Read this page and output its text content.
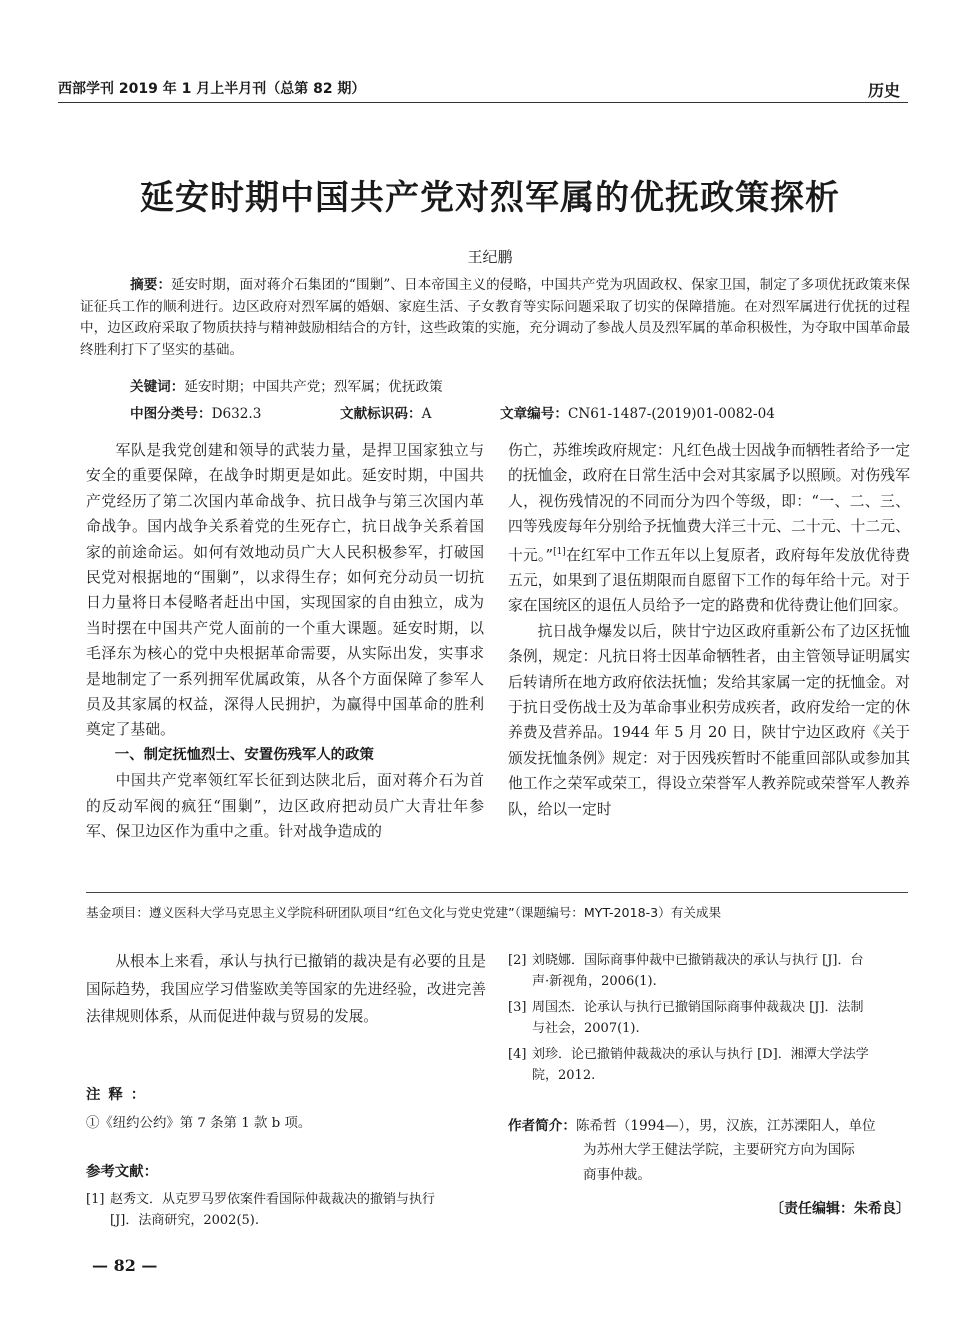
西部学刊 2019 年 1 月上半月刊（总第 82 期）	历史
延安时期中国共产党对烈军属的优抚政策探析
王纪鹏
摘要：延安时期，面对蒋介石集团的“围剿”、日本帝国主义的侵略，中国共产党为巩固政权、保家卫国，制定了多项优抚政策来保证征兵工作的顺利进行。边区政府对烈军属的婚姻、家庭生活、子女教育等实际问题采取了切实的保障措施。在对烈军属进行优抚的过程中，边区政府采取了物质扶持与精神鼓励相结合的方针，这些政策的实施，充分调动了参战人员及烈军属的革命积极性，为夺取中国革命最终胜利打下了坚实的基础。
关键词：延安时期；中国共产党；烈军属；优抚政策
中图分类号：D632.3	文献标识码：A	文章编号：CN61-1487-(2019)01-0082-04

军队是我党创建和领导的武装力量，是捍卫国家独立与安全的重要保障，在战争时期更是如此。延安时期，中国共产党经历了第二次国内革命战争、抗日战争与第三次国内革命战争。国内战争关系着党的生死存亡，抗日战争关系着国家的前途命运。如何有效地动员广大人民积极参军，打破国民党对根据地的“围剿”，以求得生存；如何充分动员一切抗日力量将日本侵略者赶出中国，实现国家的自由独立，成为当时摆在中国共产党人面前的一个重大课题。延安时期，以毛泽东为核心的党中央根据革命需要，从实际出发，实事求是地制定了一系列拥军优属政策，从各个方面保障了参军人员及其家属的权益，深得人民拥护，为赢得中国革命的胜利奠定了基础。

一、制定抚恤烈士、安置伤残军人的政策

中国共产党率领红军长征到达陕北后，面对蒋介石为首的反动军阀的疯狂“围剿”，边区政府把动员广大青壮年参军、保卫边区作为重中之重。针对战争造成的

伤亡，苏维埃政府规定：凡红色战士因战争而牺牲者给予一定的抚恤金，政府在日常生活中会对其家属予以照顾。对伤残军人，视伤残情况的不同而分为四个等级，即：“一、二、三、四等残废每年分别给予抚恤费大洋三十元、二十元、十二元、十元。”[1]在红军中工作五年以上复原者，政府每年发放优待费五元，如果到了退伍期限而自愿留下工作的每年给十元。对于家在国统区的退伍人员给予一定的路费和优待费让他们回家。

抗日战争爆发以后，陕甘宁边区政府重新公布了边区抚恤条例，规定：凡抗日将士因革命牺牲者，由主管领导证明属实后转请所在地方政府依法抚恤；发给其家属一定的抚恤金。对于抗日受伤战士及为革命事业积劳成疾者，政府发给一定的休养费及营养品。1944 年 5 月 20 日，陕甘宁边区政府《关于颁发抚恤条例》规定：对于因残疾暂时不能重回部队或参加其他工作之荣军或荣工，得设立荣誉军人教养院或荣誉军人教养队，给以一定时

基金项目：遵义医科大学马克思主义学院科研团队项目“红色文化与党史党建”（课题编号：MYT-2018-3）有关成果

从根本上来看，承认与执行已撤销的裁决是有必要的且是国际趋势，我国应学习借鉴欧美等国家的先进经验，改进完善法律规则体系，从而促进仲裁与贸易的发展。

注释：
①《纽约公约》第 7 条第 1 款 b 项。
参考文献：
[1] 赵秀文．从克罗马罗依案件看国际仲裁裁决的撤销与执行
[J]．法商研究，2002(5).
[2] 刘晓娜．国际商事仲裁中已撤销裁决的承认与执行 [J]．台
声·新视角，2006(1).
[3] 周国杰．论承认与执行已撤销国际商事仲裁裁决 [J]．法制
与社会，2007(1).
[4] 刘珍．论已撤销仲裁裁决的承认与执行 [D]．湘潭大学法学
院，2012.
作者简介：陈希哲（1994—），男，汉族，江苏溧阳人，单位
为苏州大学王健法学院，主要研究方向为国际
商事仲裁。
〔责任编辑：朱希良〕
— 82 —
